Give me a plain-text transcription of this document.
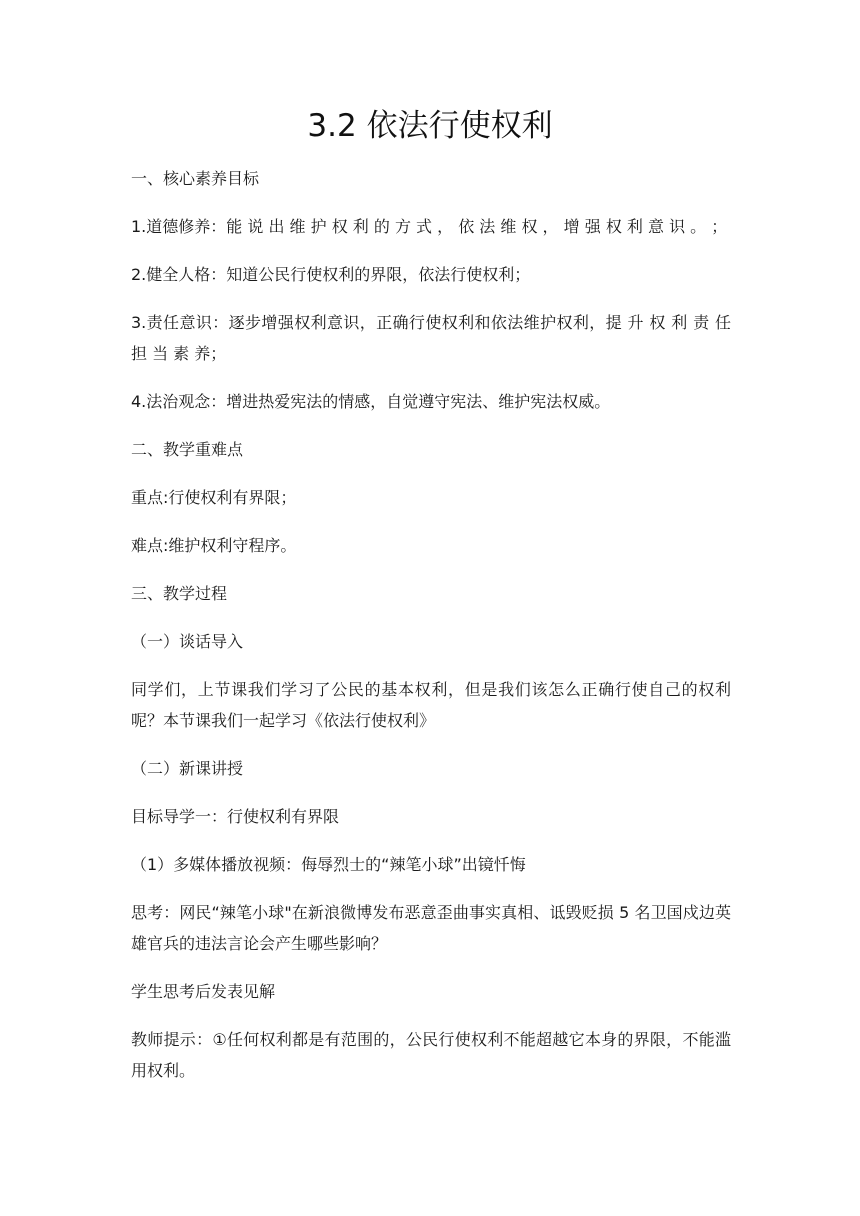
3.2 依法行使权利

一、核心素养目标

1.道德修养：能 说 出 维 护 权 利 的 方 式 ， 依 法 维 权 ， 增 强 权 利 意 识 。 ；

2.健全人格：知道公民行使权利的界限，依法行使权利；

3.责任意识：逐步增强权利意识，正确行使权利和依法维护权利，提 升 权 利 责 任 担 当 素 养；

4.法治观念：增进热爱宪法的情感，自觉遵守宪法、维护宪法权威。

二、教学重难点

重点:行使权利有界限；

难点:维护权利守程序。

三、教学过程

（一）谈话导入

同学们，上节课我们学习了公民的基本权利，但是我们该怎么正确行使自己的权利呢？本节课我们一起学习《依法行使权利》

（二）新课讲授

目标导学一：行使权利有界限

（1）多媒体播放视频：侮辱烈士的“辣笔小球”出镜忏悔

思考：网民“辣笔小球"在新浪微博发布恶意歪曲事实真相、诋毁贬损 5 名卫国戍边英雄官兵的违法言论会产生哪些影响？

学生思考后发表见解

教师提示：①任何权利都是有范围的，公民行使权利不能超越它本身的界限，不能滥用权利。
